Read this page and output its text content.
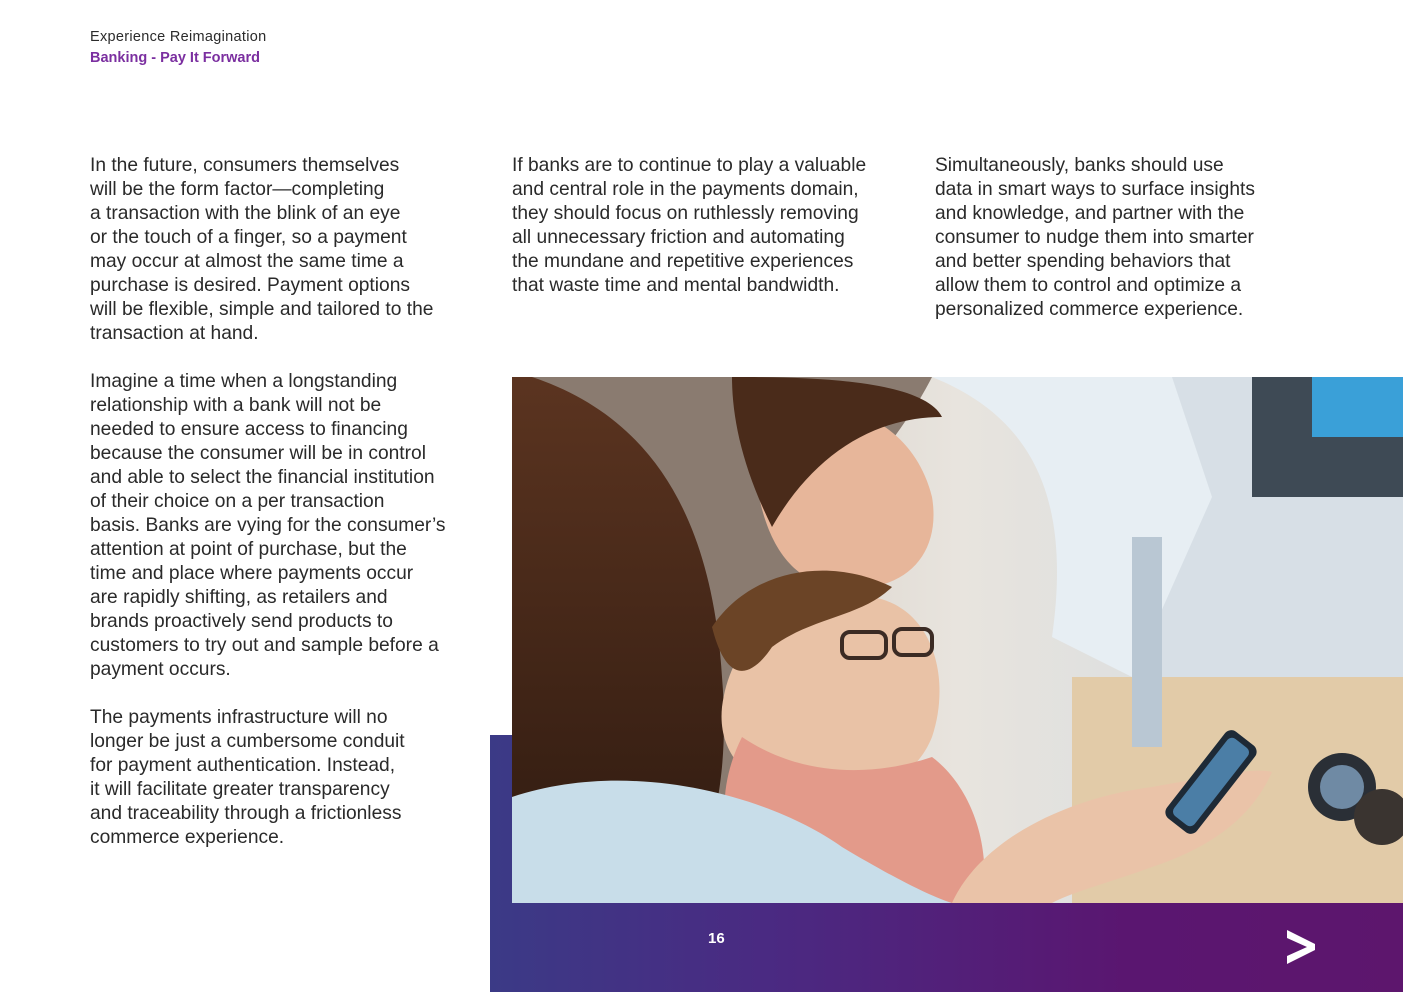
Experience Reimagination
Banking - Pay It Forward

In the future, consumers themselves
will be the form factor—completing
a transaction with the blink of an eye
or the touch of a finger, so a payment
may occur at almost the same time a
purchase is desired. Payment options
will be flexible, simple and tailored to the
transaction at hand.

Imagine a time when a longstanding
relationship with a bank will not be
needed to ensure access to financing
because the consumer will be in control
and able to select the financial institution
of their choice on a per transaction
basis. Banks are vying for the consumer’s
attention at point of purchase, but the
time and place where payments occur
are rapidly shifting, as retailers and
brands proactively send products to
customers to try out and sample before a
payment occurs.

The payments infrastructure will no
longer be just a cumbersome conduit
for payment authentication. Instead,
it will facilitate greater transparency
and traceability through a frictionless
commerce experience.

If banks are to continue to play a valuable
and central role in the payments domain,
they should focus on ruthlessly removing
all unnecessary friction and automating
the mundane and repetitive experiences
that waste time and mental bandwidth.

Simultaneously, banks should use
data in smart ways to surface insights
and knowledge, and partner with the
consumer to nudge them into smarter
and better spending behaviors that
allow them to control and optimize a
personalized commerce experience.

16
